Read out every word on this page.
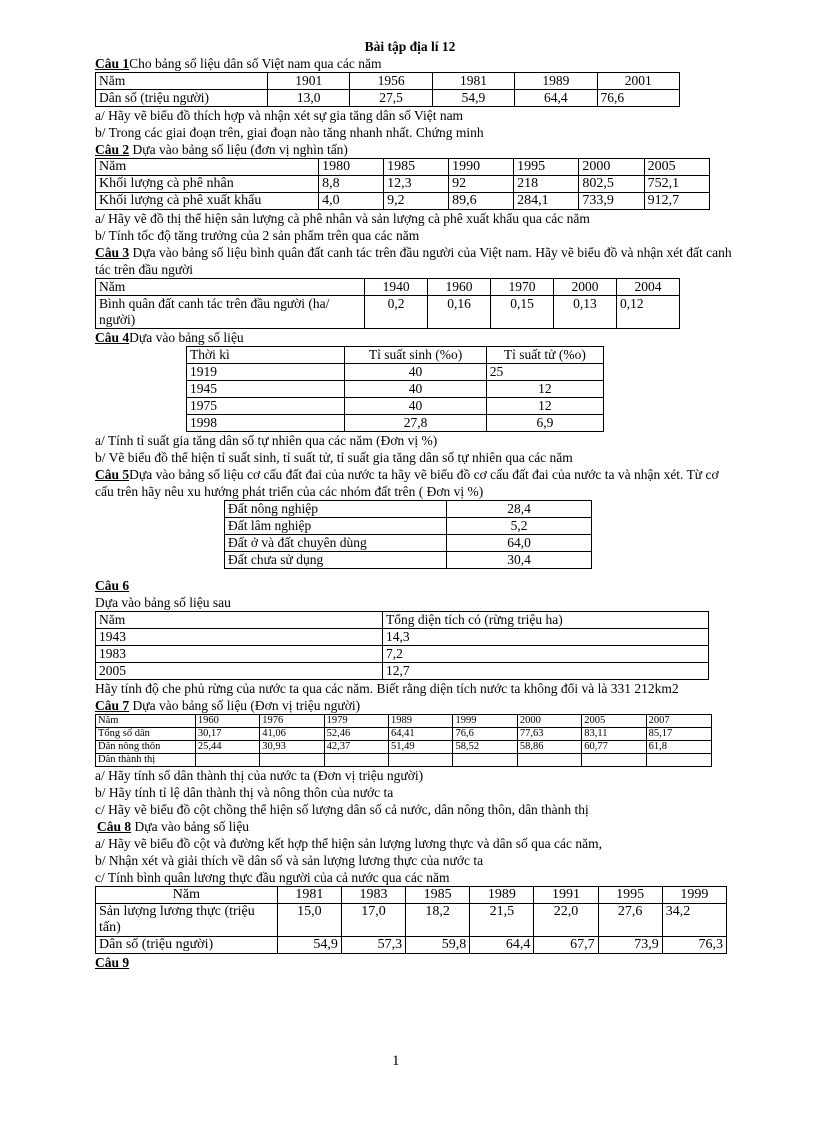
Bài tập địa lí 12
Câu 1Cho bảng số liệu dân số Việt nam qua các năm
Năm	1901	1956	1981	1989	2001
Dân số (triệu người)	13,0	27,5	54,9	64,4	76,6
a/ Hãy vẽ biểu đồ thích hợp và nhận xét sự gia tăng dân số Việt nam
b/ Trong các giai đoạn trên, giai đoạn nào tăng nhanh nhất. Chứng minh
Câu 2 Dựa vào bảng số liệu (đơn vị nghìn tấn)
Năm	1980	1985	1990	1995	2000	2005
Khối lượng cà phê nhân	8,8	12,3	92	218	802,5	752,1
Khối lượng cà phê xuất khẩu	4,0	9,2	89,6	284,1	733,9	912,7
a/ Hãy vẽ đồ thị thể hiện sản lượng cà phê nhân và sản lượng cà phê xuất khẩu qua các năm
b/ Tính tốc độ tăng trưởng của 2 sản phẩm trên qua các năm
Câu 3 Dựa vào bảng số liệu bình quân đất canh tác trên đầu người của Việt nam. Hãy vẽ biểu đồ và nhận xét đất canh tác trên đầu người
Năm	1940	1960	1970	2000	2004
Bình quân đất canh tác trên đầu người (ha/ người)	0,2	0,16	0,15	0,13	0,12
Câu 4Dựa vào bảng số liệu
Thời kì	Tỉ suất sinh (%o)	Tỉ suất tử (%o)
1919	40	25
1945	40	12
1975	40	12
1998	27,8	6,9
a/ Tính tỉ suất gia tăng dân số tự nhiên qua các năm (Đơn vị %)
b/ Vẽ biểu đồ thể hiện tỉ suất sinh, tỉ suất tử, tỉ suất gia tăng dân số tự nhiên qua các năm
Câu 5Dựa vào bảng số liệu cơ cấu đất đai của nước ta hãy vẽ biểu đồ cơ cấu đất đai của nước ta và nhận xét. Từ cơ cấu trên hãy nêu xu hướng phát triển của các nhóm đất trên ( Đơn vị %)
Đất nông nghiệp	28,4
Đất lâm nghiệp	5,2
Đất ở và đất chuyên dùng	64,0
Đất chưa sử dụng	30,4
Câu 6
Dựa vào bảng số liệu sau
Năm	Tổng diện tích có (rừng triệu ha)
1943	14,3
1983	7,2
2005	12,7
Hãy tính độ che phủ rừng của nước ta qua các năm. Biết rằng diện tích nước ta không đổi và là 331 212km2
Câu 7 Dựa vào bảng số liệu (Đơn vị triệu người)
Năm	1960	1976	1979	1989	1999	2000	2005	2007
Tổng số dân	30,17	41,06	52,46	64,41	76,6	77,63	83,11	85,17
Dân nông thôn	25,44	30,93	42,37	51,49	58,52	58,86	60,77	61,8
Dân thành thị								
a/ Hãy tính số dân thành thị của nước ta (Đơn vị triệu người)
b/ Hãy tính tỉ lệ dân thành thị và nông thôn của nước ta
c/ Hãy vẽ biểu đồ cột chồng thể hiện số lượng dân số cả nước, dân nông thôn, dân thành thị
Câu 8 Dựa vào bảng số liệu
a/ Hãy vẽ biểu đồ cột và đường kết hợp thể hiện sản lượng lương thực và dân số qua các năm,
b/ Nhận xét và giải thích về dân số và sản lượng lương thực của nước ta
c/ Tính bình quân lương thực đầu người của cả nước qua các năm
Năm	1981	1983	1985	1989	1991	1995	1999
Sản lượng lương thực (triệu tấn)	15,0	17,0	18,2	21,5	22,0	27,6	34,2
Dân số (triệu người)	54,9	57,3	59,8	64,4	67,7	73,9	76,3
Câu 9
1
